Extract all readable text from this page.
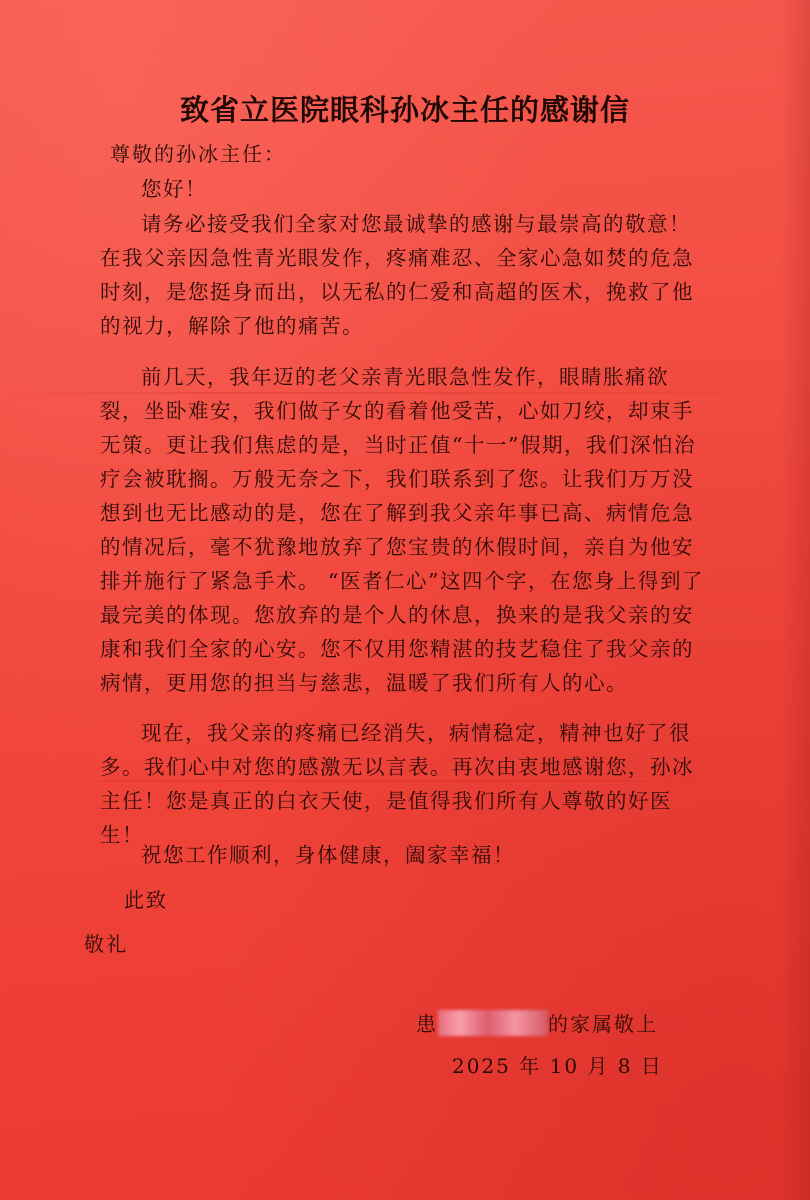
致省立医院眼科孙冰主任的感谢信
尊敬的孙冰主任：

您好！

请务必接受我们全家对您最诚挚的感谢与最崇高的敬意！在我父亲因急性青光眼发作，疼痛难忍、全家心急如焚的危急时刻，是您挺身而出，以无私的仁爱和高超的医术，挽救了他的视力，解除了他的痛苦。

前几天，我年迈的老父亲青光眼急性发作，眼睛胀痛欲裂，坐卧难安，我们做子女的看着他受苦，心如刀绞，却束手无策。更让我们焦虑的是，当时正值“十一”假期，我们深怕治疗会被耽搁。万般无奈之下，我们联系到了您。让我们万万没想到也无比感动的是，您在了解到我父亲年事已高、病情危急的情况后，毫不犹豫地放弃了您宝贵的休假时间，亲自为他安排并施行了紧急手术。 “医者仁心”这四个字，在您身上得到了最完美的体现。您放弃的是个人的休息，换来的是我父亲的安康和我们全家的心安。您不仅用您精湛的技艺稳住了我父亲的病情，更用您的担当与慈悲，温暖了我们所有人的心。

现在，我父亲的疼痛已经消失，病情稳定，精神也好了很多。我们心中对您的感激无以言表。再次由衷地感谢您，孙冰主任！您是真正的白衣天使，是值得我们所有人尊敬的好医生！

祝您工作顺利，身体健康，阖家幸福！

此致
敬礼
患	的家属敬上
2025 年 10 月 8 日
